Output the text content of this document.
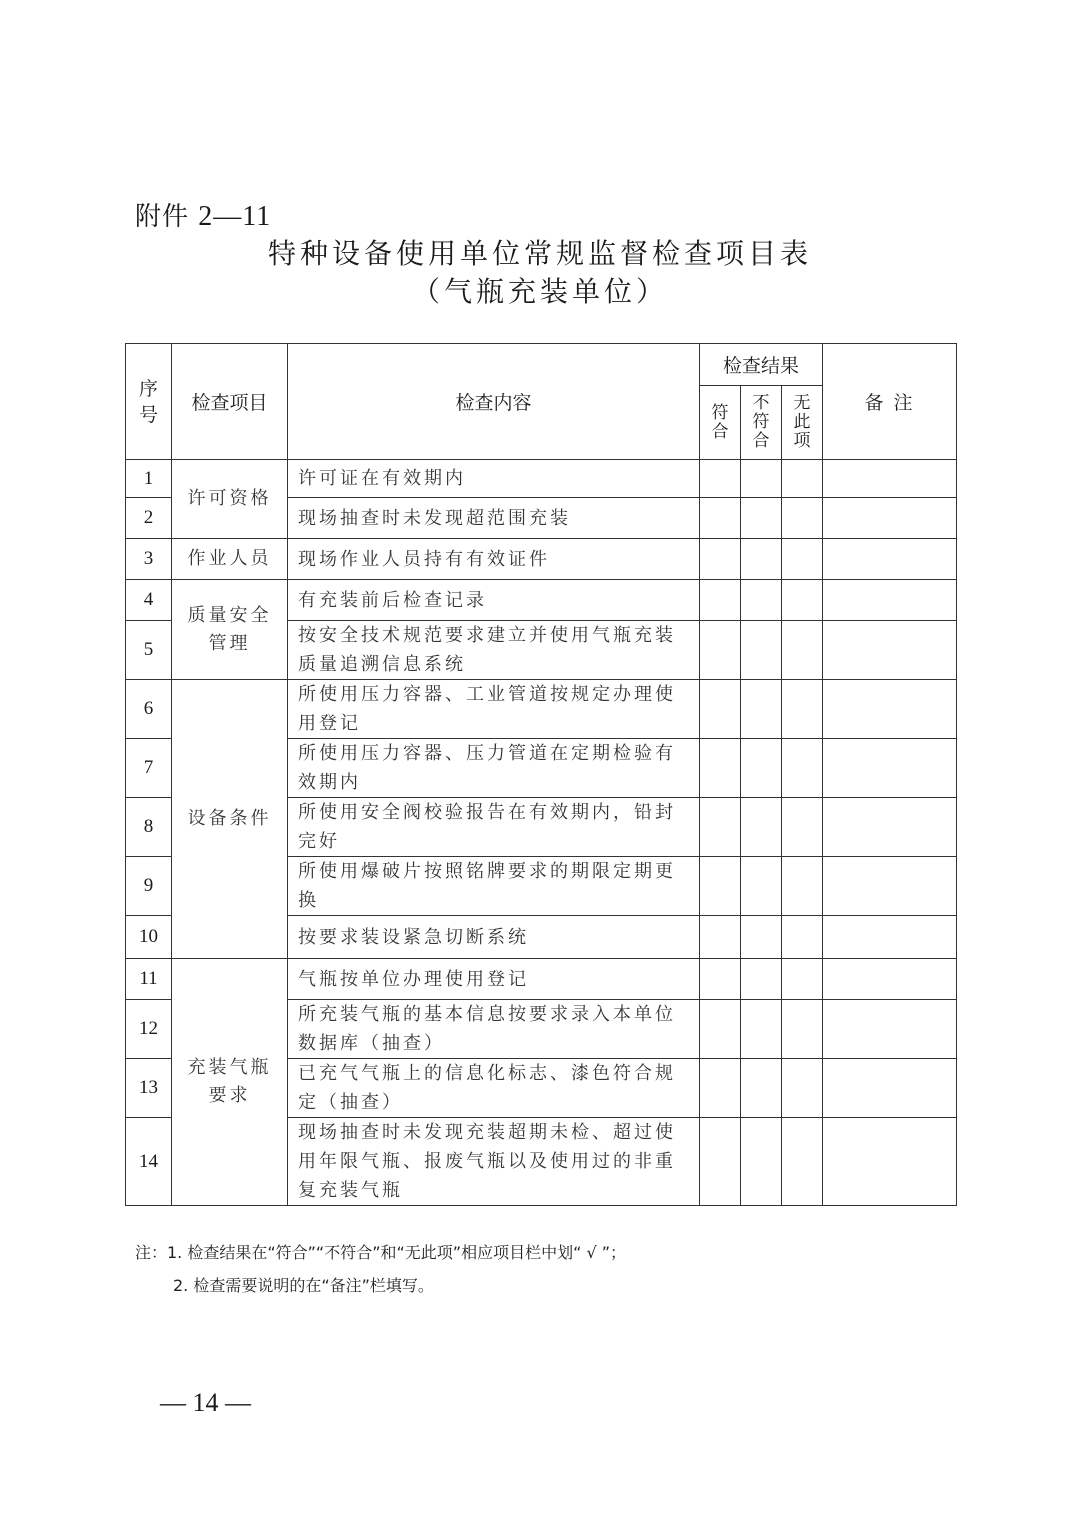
附件 2—11
特种设备使用单位常规监督检查项目表
（气瓶充装单位）
序号	检查项目	检查内容	检查结果			备 注
			符合	不符合	无此项	
1	许可资格	许可证在有效期内				
2		现场抽查时未发现超范围充装				
3	作业人员	现场作业人员持有有效证件				
4	质量安全管理	有充装前后检查记录				
5		按安全技术规范要求建立并使用气瓶充装质量追溯信息系统				
6	设备条件	所使用压力容器、工业管道按规定办理使用登记				
7		所使用压力容器、压力管道在定期检验有效期内				
8		所使用安全阀校验报告在有效期内，铅封完好				
9		所使用爆破片按照铭牌要求的期限定期更换				
10		按要求装设紧急切断系统				
11	充装气瓶要求	气瓶按单位办理使用登记				
12		所充装气瓶的基本信息按要求录入本单位数据库（抽查）				
13		已充气气瓶上的信息化标志、漆色符合规定（抽查）				
14		现场抽查时未发现充装超期未检、超过使用年限气瓶、报废气瓶以及使用过的非重复充装气瓶				
注：1. 检查结果在“符合”“不符合”和“无此项”相应项目栏中划“ √ ”；
2. 检查需要说明的在“备注”栏填写。
— 14 —
